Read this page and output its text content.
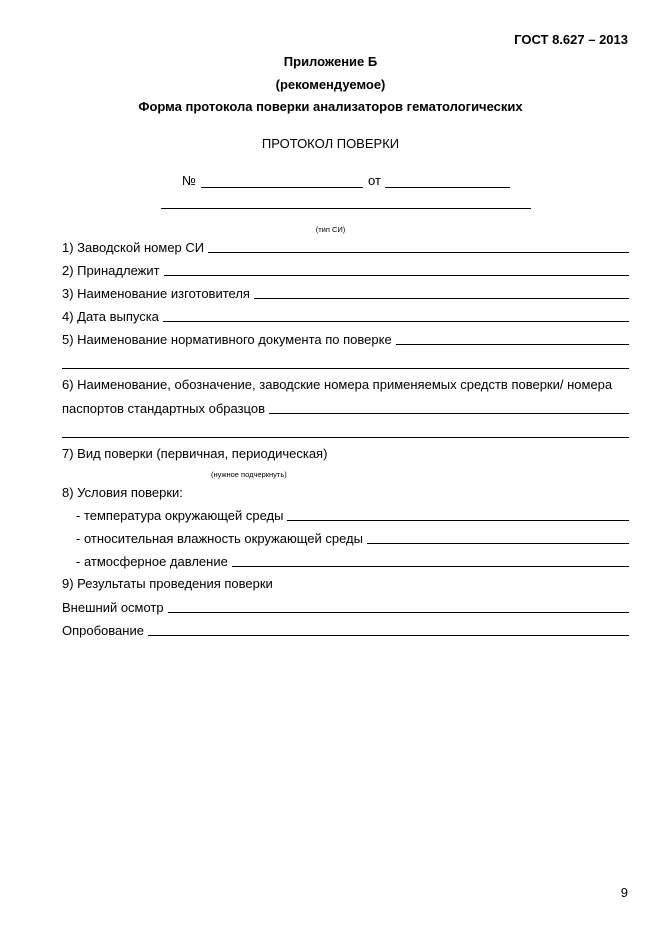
ГОСТ 8.627 – 2013
Приложение Б
(рекомендуемое)
Форма протокола поверки анализаторов гематологических
ПРОТОКОЛ ПОВЕРКИ
№	от
(тип СИ)
1) Заводской номер СИ
2) Принадлежит
3) Наименование изготовителя
4) Дата выпуска
5) Наименование нормативного документа по поверке
6) Наименование, обозначение, заводские номера применяемых средств поверки/ номера
паспортов стандартных образцов
7) Вид поверки (первичная, периодическая)
(нужное подчеркнуть)
8) Условия поверки:
- температура окружающей среды
- относительная влажность окружающей среды
- атмосферное давление
9) Результаты проведения поверки
Внешний осмотр
Опробование
9
